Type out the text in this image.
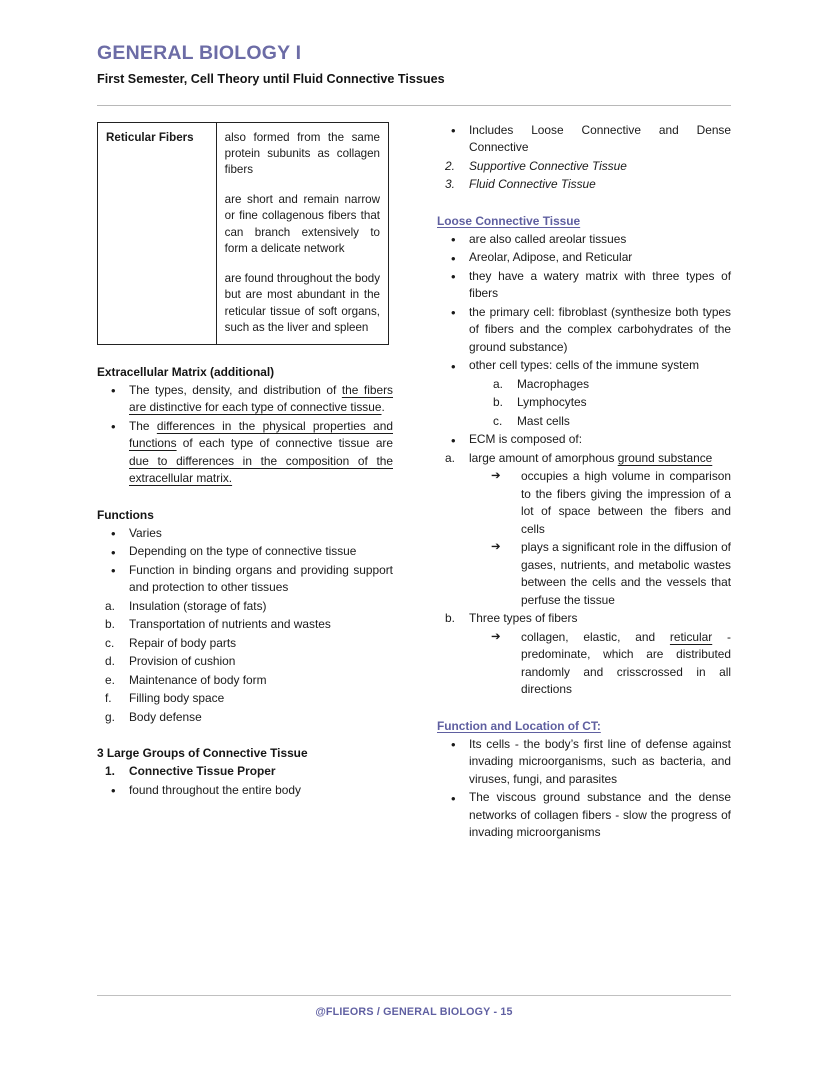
GENERAL BIOLOGY I
First Semester, Cell Theory until Fluid Connective Tissues
Reticular Fibers	also formed from the same protein subunits as collagen fibers

are short and remain narrow or fine collagenous fibers that can branch extensively to form a delicate network

are found throughout the body but are most abundant in the reticular tissue of soft organs, such as the liver and spleen

Extracellular Matrix (additional)
• The types, density, and distribution of the fibers are distinctive for each type of connective tissue.
• The differences in the physical properties and functions of each type of connective tissue are due to differences in the composition of the extracellular matrix.
Functions
• Varies
• Depending on the type of connective tissue
• Function in binding organs and providing support and protection to other tissues
a.	Insulation (storage of fats)
b.	Transportation of nutrients and wastes
c.	Repair of body parts
d.	Provision of cushion
e.	Maintenance of body form
f.	Filling body space
g.	Body defense
3 Large Groups of Connective Tissue
1.	Connective Tissue Proper
• found throughout the entire body
• Includes Loose Connective and Dense Connective
2.	Supportive Connective Tissue
3.	Fluid Connective Tissue
Loose Connective Tissue
• are also called areolar tissues
• Areolar, Adipose, and Reticular
• they have a watery matrix with three types of fibers
• the primary cell: fibroblast (synthesize both types of fibers and the complex carbohydrates of the ground substance)
• other cell types: cells of the immune system
a.	Macrophages
b.	Lymphocytes
c.	Mast cells
• ECM is composed of:
a.	large amount of amorphous ground substance
➔ occupies a high volume in comparison to the fibers giving the impression of a lot of space between the fibers and cells
➔ plays a significant role in the diffusion of gases, nutrients, and metabolic wastes between the cells and the vessels that perfuse the tissue
b.	Three types of fibers
➔ collagen, elastic, and reticular - predominate, which are distributed randomly and crisscrossed in all directions
Function and Location of CT:
• Its cells - the body’s first line of defense against invading microorganisms, such as bacteria, and viruses, fungi, and parasites
• The viscous ground substance and the dense networks of collagen fibers - slow the progress of invading microorganisms
@FLIEORS / GENERAL BIOLOGY - 15
